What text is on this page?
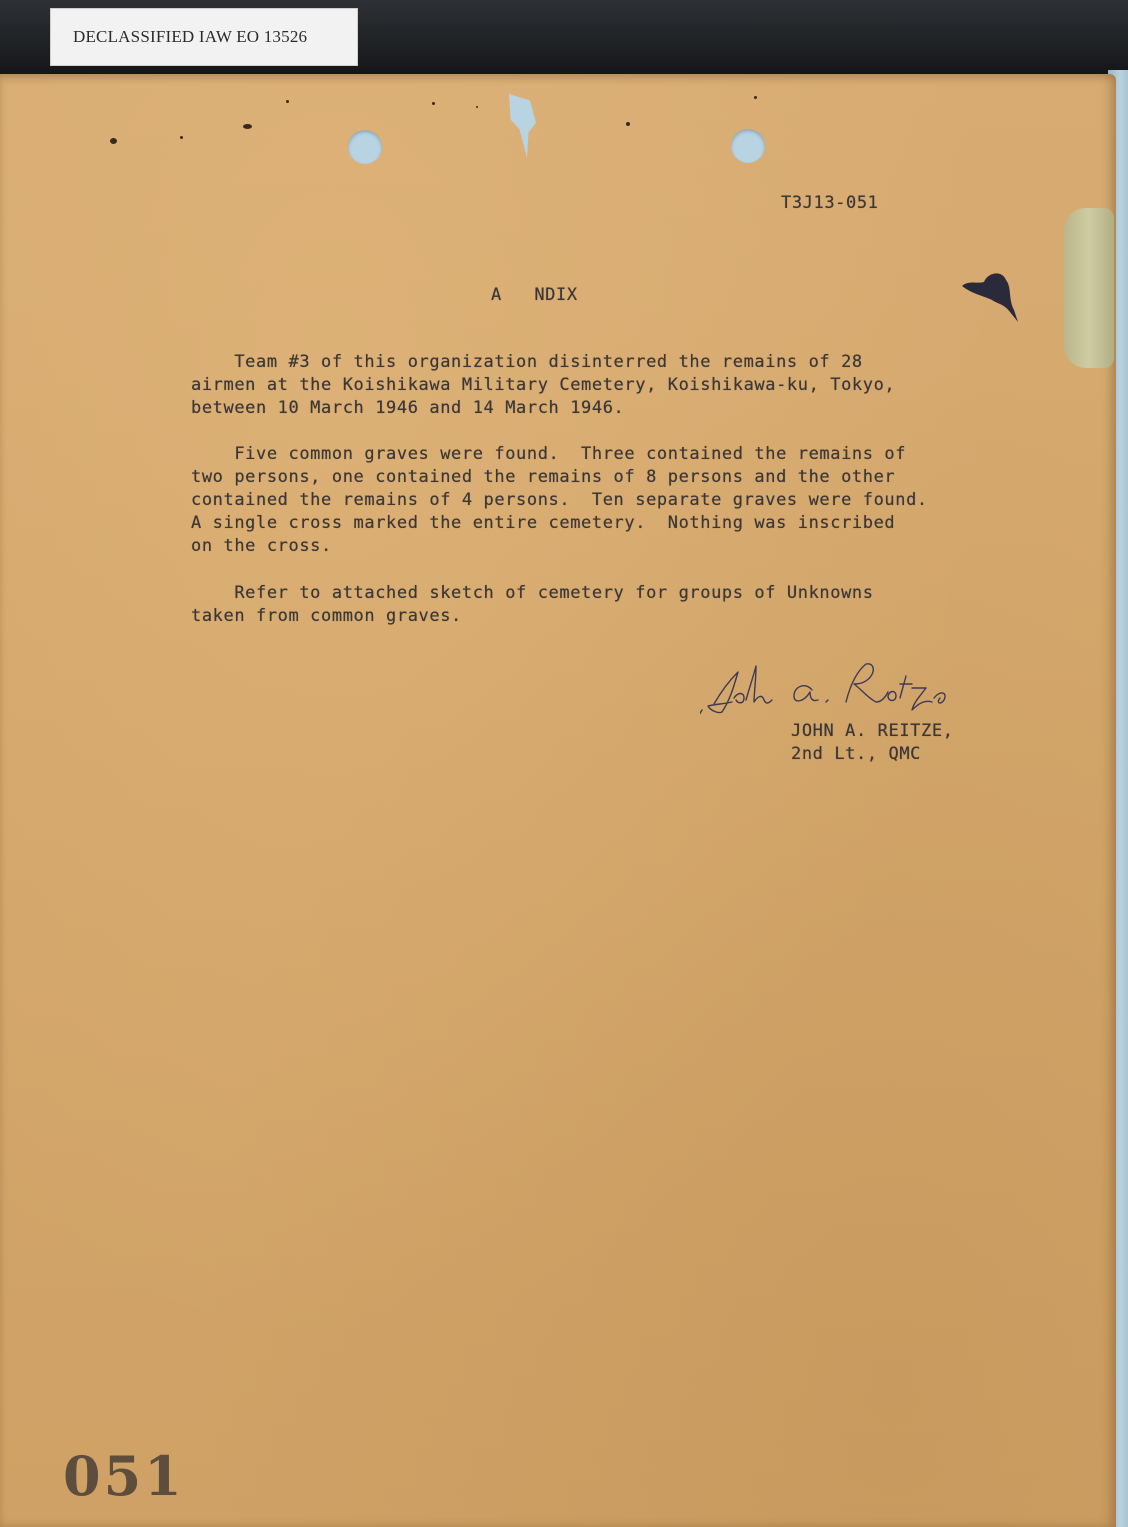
T3J13-051
A   NDIX
Team #3 of this organization disinterred the remains of 28
airmen at the Koishikawa Military Cemetery, Koishikawa-ku, Tokyo,
between 10 March 1946 and 14 March 1946.
Five common graves were found.  Three contained the remains of
two persons, one contained the remains of 8 persons and the other
contained the remains of 4 persons.  Ten separate graves were found.
A single cross marked the entire cemetery.  Nothing was inscribed
on the cross.
Refer to attached sketch of cemetery for groups of Unknowns
taken from common graves.
JOHN A. REITZE,
2nd Lt., QMC
051
DECLASSIFIED IAW EO 13526
